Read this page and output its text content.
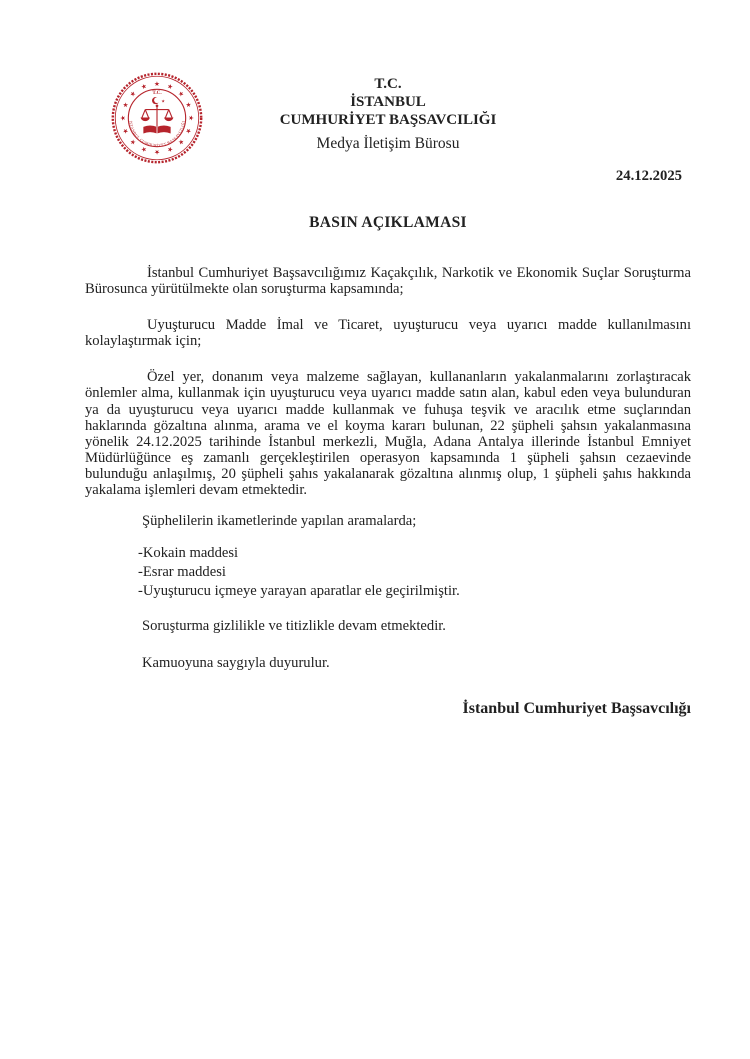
★ ★
★
★
★
★
★
★
★
★
★
★
★
★
★
★
T.C.
★
İSTANBUL CUMHURİYET BAŞSAVCILIĞI
T.C.
İSTANBUL
CUMHURİYET BAŞSAVCILIĞI
Medya İletişim Bürosu
24.12.2025
BASIN AÇIKLAMASI

İstanbul Cumhuriyet Başsavcılığımız Kaçakçılık, Narkotik ve Ekonomik Suçlar Soruşturma Bürosunca yürütülmekte olan soruşturma kapsamında;

Uyuşturucu Madde İmal ve Ticaret, uyuşturucu veya uyarıcı madde kullanılmasını kolaylaştırmak için;

Özel yer, donanım veya malzeme sağlayan, kullananların yakalanmalarını zorlaştıracak önlemler alma, kullanmak için uyuşturucu veya uyarıcı madde satın alan, kabul eden veya bulunduran ya da uyuşturucu veya uyarıcı madde kullanmak ve fuhuşa teşvik ve aracılık etme suçlarından haklarında gözaltına alınma, arama ve el koyma kararı bulunan, 22 şüpheli şahsın yakalanmasına yönelik 24.12.2025 tarihinde İstanbul merkezli, Muğla, Adana Antalya illerinde İstanbul Emniyet Müdürlüğünce eş zamanlı gerçekleştirilen operasyon kapsamında 1 şüpheli şahsın cezaevinde bulunduğu anlaşılmış, 20 şüpheli şahıs yakalanarak gözaltına alınmış olup, 1 şüpheli şahıs hakkında yakalama işlemleri devam etmektedir.

Şüphelilerin ikametlerinde yapılan aramalarda;
-Kokain maddesi
-Esrar maddesi
-Uyuşturucu içmeye yarayan aparatlar ele geçirilmiştir.
Soruşturma gizlilikle ve titizlikle devam etmektedir.
Kamuoyuna saygıyla duyurulur.
İstanbul Cumhuriyet Başsavcılığı
